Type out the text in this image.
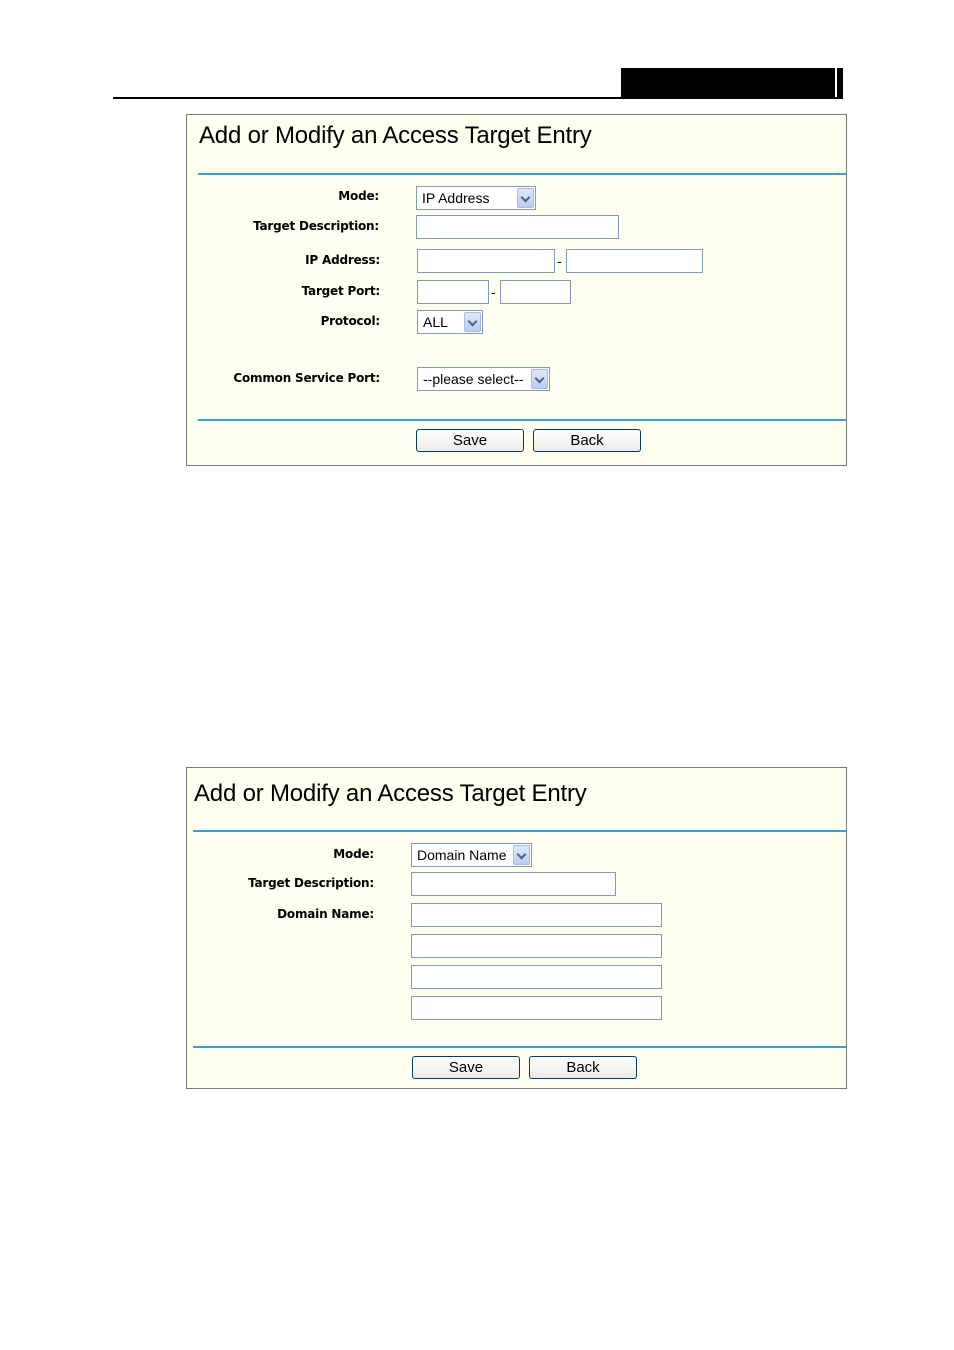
Add or Modify an Access Target Entry
Mode:	IP Address
Target Description:
IP Address:	-
Target Port:	-
Protocol:	ALL
Common Service Port:	--please select--
Save	Back
Add or Modify an Access Target Entry
Mode:	Domain Name
Target Description:
Domain Name:
Save	Back
